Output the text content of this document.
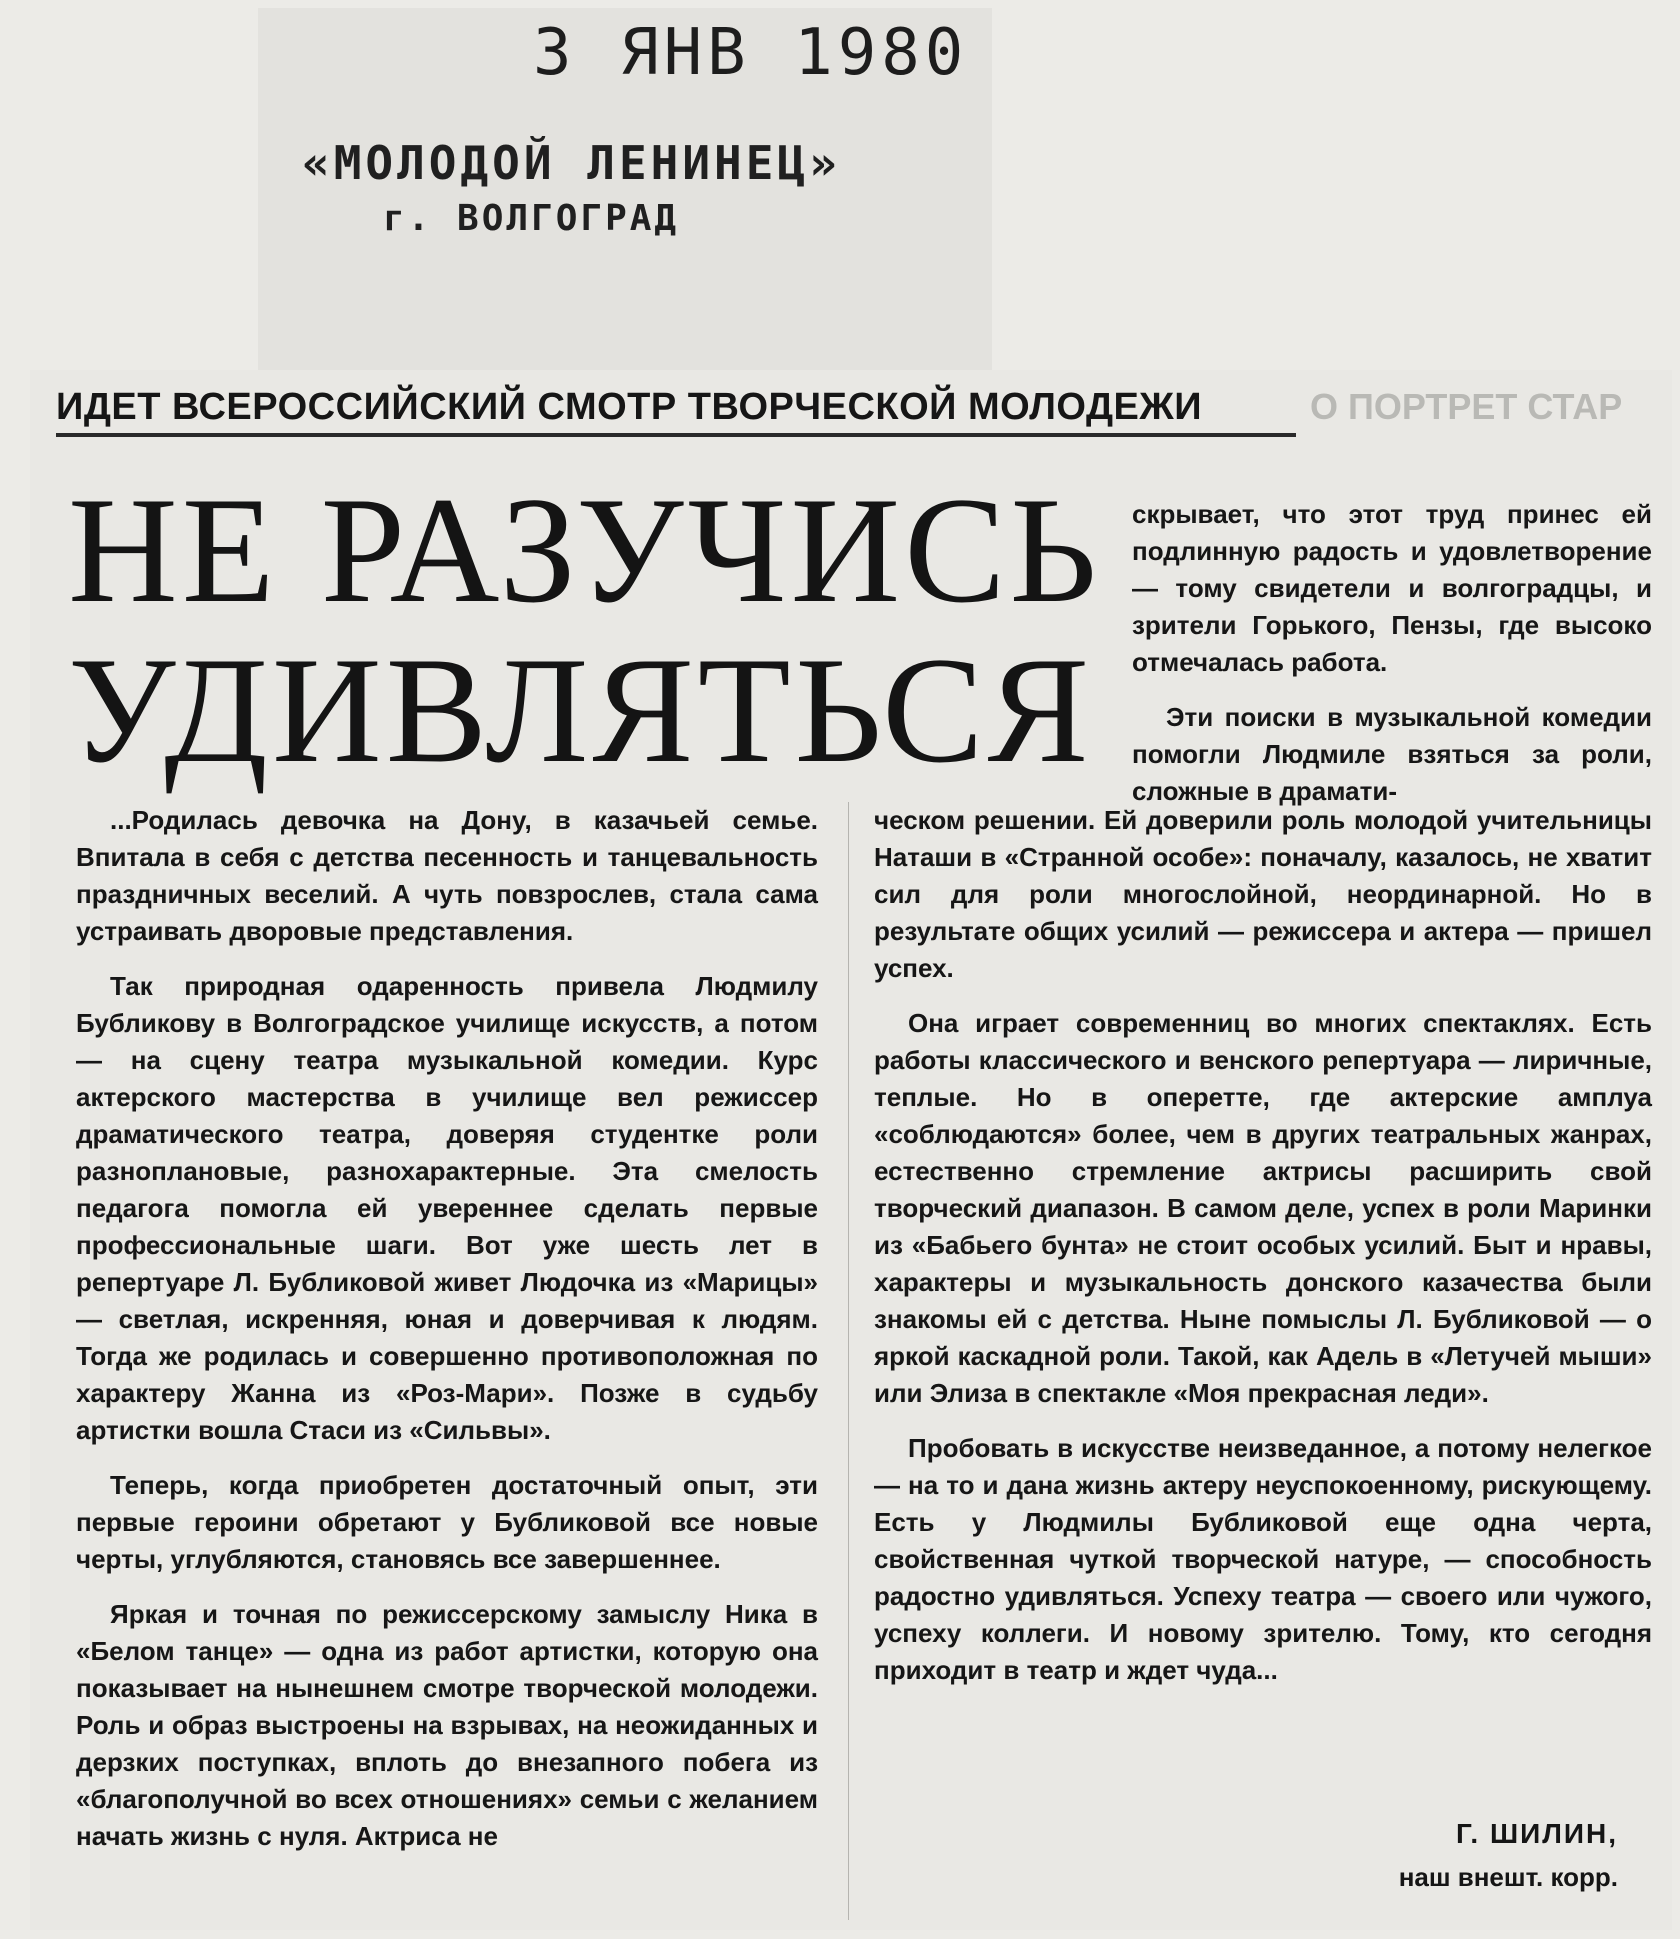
3 ЯНВ 1980
«МОЛОДОЙ ЛЕНИНЕЦ»
г. ВОЛГОГРАД
ИДЕТ ВСЕРОССИЙСКИЙ СМОТР ТВОРЧЕСКОЙ МОЛОДЕЖИ	О ПОРТРЕТ СТАР
НЕ РАЗУЧИСЬ
УДИВЛЯТЬСЯ

скрывает, что этот труд принес ей подлинную радость и удовлетворение — тому свидетели и волгоградцы, и зрители Горького, Пензы, где высоко отмечалась работа.

Эти поиски в музыкальной комедии помогли Людмиле взяться за роли, сложные в драмати-

...Родилась девочка на Дону, в казачьей семье. Впитала в себя с детства песенность и танцевальность праздничных веселий. А чуть повзрослев, стала сама устраивать дворовые представления.

Так природная одаренность привела Людмилу Бубликову в Волгоградское училище искусств, а потом — на сцену театра музыкальной комедии. Курс актерского мастерства в училище вел режиссер драматического театра, доверяя студентке роли разноплановые, разнохарактерные. Эта смелость педагога помогла ей увереннее сделать первые профессиональные шаги. Вот уже шесть лет в репертуаре Л. Бубликовой живет Людочка из «Марицы» — светлая, искренняя, юная и доверчивая к людям. Тогда же родилась и совершенно противоположная по характеру Жанна из «Роз-Мари». Позже в судьбу артистки вошла Стаси из «Сильвы».

Теперь, когда приобретен достаточный опыт, эти первые героини обретают у Бубликовой все новые черты, углубляются, становясь все завершеннее.

Яркая и точная по режиссерскому замыслу Ника в «Белом танце» — одна из работ артистки, которую она показывает на нынешнем смотре творческой молодежи. Роль и образ выстроены на взрывах, на неожиданных и дерзких поступках, вплоть до внезапного побега из «благополучной во всех отношениях» семьи с желанием начать жизнь с нуля. Актриса не

ческом решении. Ей доверили роль молодой учительницы Наташи в «Странной особе»: поначалу, казалось, не хватит сил для роли многослойной, неординарной. Но в результате общих усилий — режиссера и актера — пришел успех.

Она играет современниц во многих спектаклях. Есть работы классического и венского репертуара — лиричные, теплые. Но в оперетте, где актерские амплуа «соблюдаются» более, чем в других театральных жанрах, естественно стремление актрисы расширить свой творческий диапазон. В самом деле, успех в роли Маринки из «Бабьего бунта» не стоит особых усилий. Быт и нравы, характеры и музыкальность донского казачества были знакомы ей с детства. Ныне помыслы Л. Бубликовой — о яркой каскадной роли. Такой, как Адель в «Летучей мыши» или Элиза в спектакле «Моя прекрасная леди».

Пробовать в искусстве неизведанное, а потому нелегкое — на то и дана жизнь актеру неуспокоенному, рискующему. Есть у Людмилы Бубликовой еще одна черта, свойственная чуткой творческой натуре, — способность радостно удивляться. Успеху театра — своего или чужого, успеху коллеги. И новому зрителю. Тому, кто сегодня приходит в театр и ждет чуда...

Г. ШИЛИН,
наш внешт. корр.
